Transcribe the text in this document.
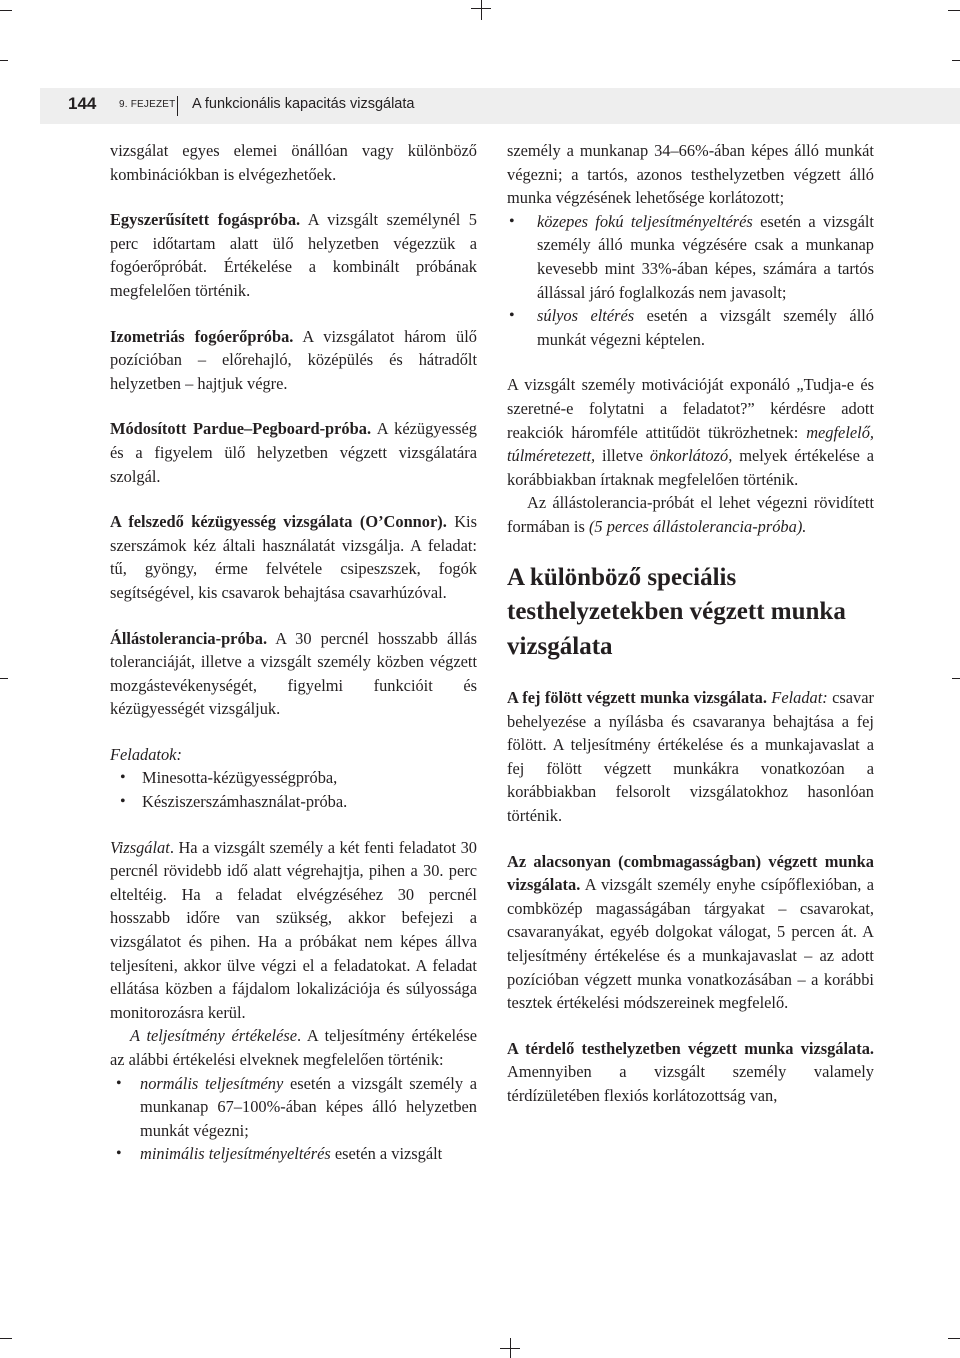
144 9. FEJEZET A funkcionális kapacitás vizsgálata

vizsgálat egyes elemei önállóan vagy különböző kombinációkban is elvégezhetőek.

Egyszerűsített fogáspróba. A vizsgált személynél 5 perc időtartam alatt ülő helyzetben végezzük a fogóerőpróbát. Értékelése a kombinált próbának megfelelően történik.

Izometriás fogóerőpróba. A vizsgálatot három ülő pozícióban – előrehajló, középülés és hátradőlt helyzetben – hajtjuk végre.

Módosított Pardue–Pegboard-próba. A kézügyesség és a figyelem ülő helyzetben végzett vizsgálatára szolgál.

A felszedő kézügyesség vizsgálata (O’Connor). Kis szerszámok kéz általi használatát vizsgálja. A feladat: tű, gyöngy, érme felvétele csipeszszek, fogók segítségével, kis csavarok behajtása csavarhúzóval.

Állástolerancia-próba. A 30 percnél hosszabb állás toleranciáját, illetve a vizsgált személy közben végzett mozgástevékenységét, figyelmi funkcióit és kézügyességét vizsgáljuk.

Feladatok:

• Minesotta-kézügyességpróba,
• Késziszerszámhasználat-próba.

Vizsgálat. Ha a vizsgált személy a két fenti feladatot 30 percnél rövidebb idő alatt végrehajtja, pihen a 30. perc elteltéig. Ha a feladat elvégzéséhez 30 percnél hosszabb időre van szükség, akkor befejezi a vizsgálatot és pihen. Ha a próbákat nem képes állva teljesíteni, akkor ülve végzi el a feladatokat. A feladat ellátása közben a fájdalom lokalizációja és súlyossága monitorozásra kerül.

A teljesítmény értékelése. A teljesítmény értékelése az alábbi értékelési elveknek megfelelően történik:

• normális teljesítmény esetén a vizsgált személy a munkanap 67–100%-ában képes álló helyzetben munkát végezni;
• minimális teljesítményeltérés esetén a vizsgált

személy a munkanap 34–66%-ában képes álló munkát végezni; a tartós, azonos testhelyzetben végzett álló munka végzésének lehetősége korlátozott;

• közepes fokú teljesítményeltérés esetén a vizsgált személy álló munka végzésére csak a munkanap kevesebb mint 33%-ában képes, számára a tartós állással járó foglalkozás nem javasolt;
• súlyos eltérés esetén a vizsgált személy álló munkát végezni képtelen.

A vizsgált személy motivációját exponáló „Tudja-e és szeretné-e folytatni a feladatot?” kérdésre adott reakciók háromféle attitűdöt tükrözhetnek: megfelelő, túlméretezett, illetve önkorlátozó, melyek értékelése a korábbiakban írtaknak megfelelően történik.

Az állástolerancia-próbát el lehet végezni rövidített formában is (5 perces állástolerancia-próba).

A különböző speciális testhelyzetekben végzett munka vizsgálata

A fej fölött végzett munka vizsgálata. Feladat: csavar behelyezése a nyílásba és csavaranya behajtása a fej fölött. A teljesítmény értékelése és a munkajavaslat a fej fölött végzett munkákra vonatkozóan a korábbiakban felsorolt vizsgálatokhoz hasonlóan történik.

Az alacsonyan (combmagasságban) végzett munka vizsgálata. A vizsgált személy enyhe csípőflexióban, a combközép magasságában tárgyakat – csavarokat, csavaranyákat, egyéb dolgokat válogat, 5 percen át. A teljesítmény értékelése és a munkajavaslat – az adott pozícióban végzett munka vonatkozásában – a korábbi tesztek értékelési módszereinek megfelelő.

A térdelő testhelyzetben végzett munka vizsgálata. Amennyiben a vizsgált személy valamely térdízületében flexiós korlátozottság van,
